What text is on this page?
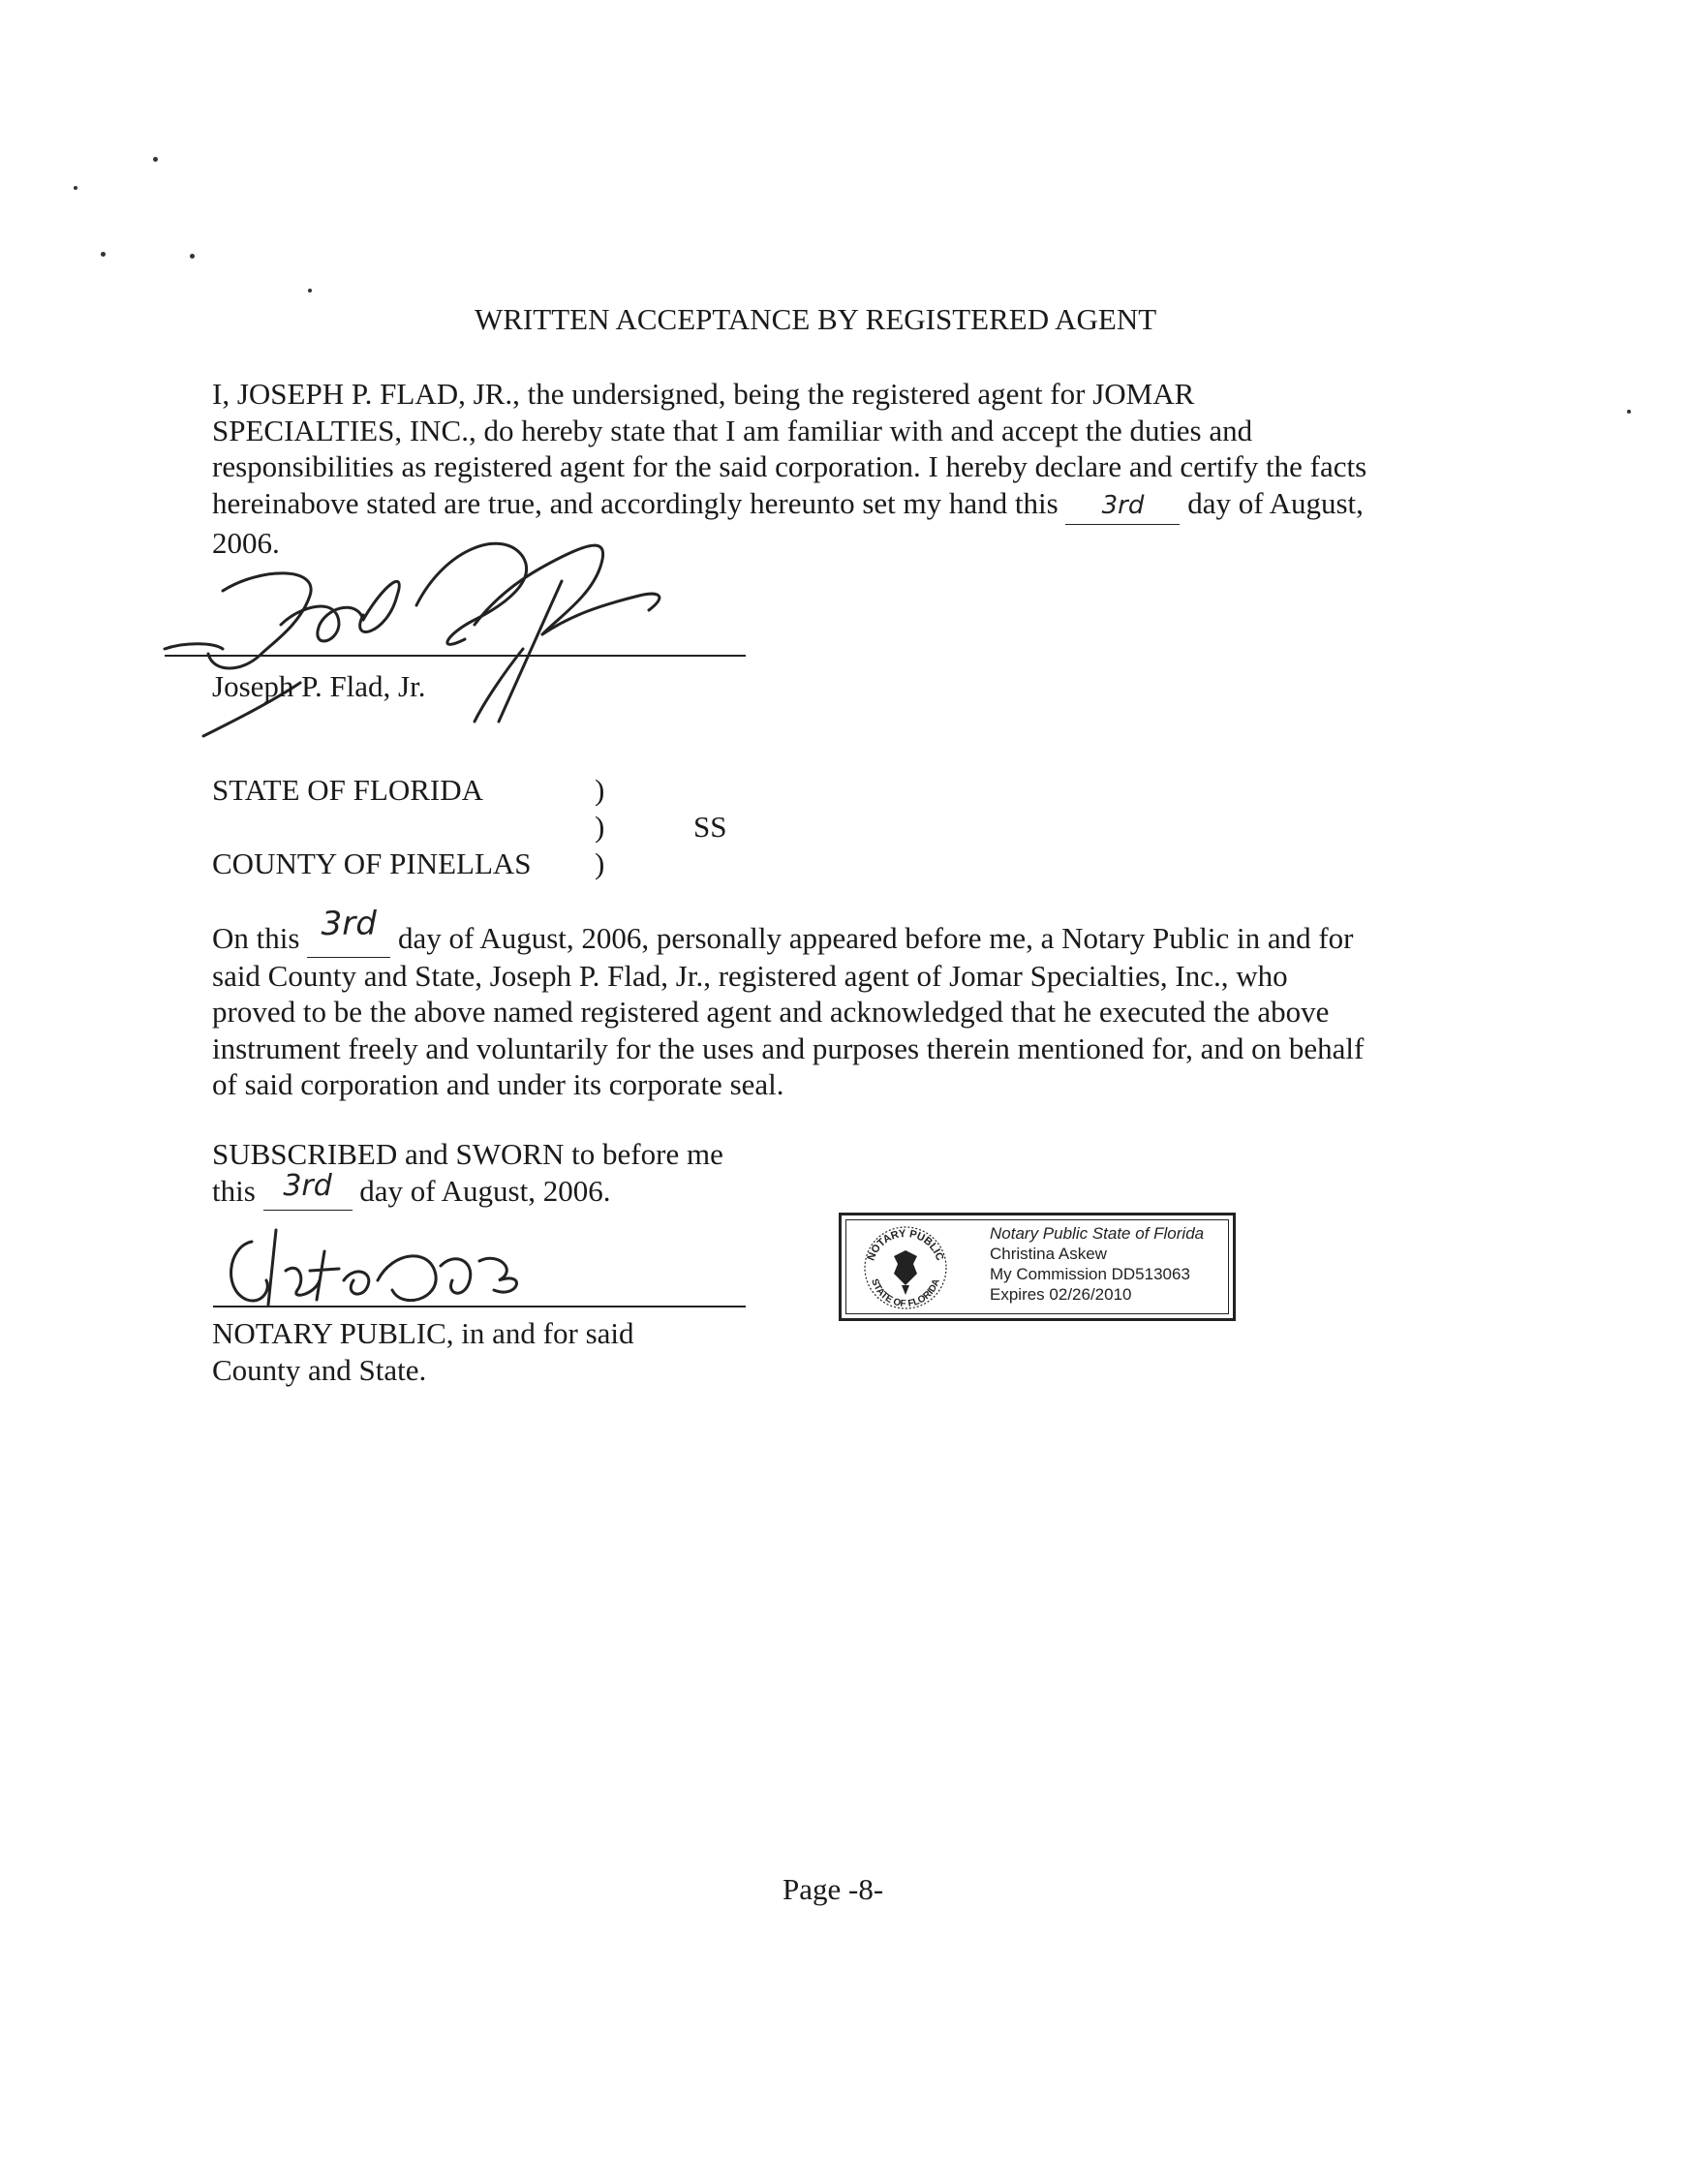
WRITTEN ACCEPTANCE BY REGISTERED AGENT
I, JOSEPH P. FLAD, JR., the undersigned, being the registered agent for JOMAR
SPECIALTIES, INC., do hereby state that I am familiar with and accept the duties and
responsibilities as registered agent for the said corporation. I hereby declare and certify the facts
hereinabove stated are true, and accordingly hereunto set my hand this 3rd day of August,
2006.
Joseph P. Flad, Jr.
STATE OF FLORIDA	)
)	SS
COUNTY OF PINELLAS )
On this 3rd day of August, 2006, personally appeared before me, a Notary Public in and for
said County and State, Joseph P. Flad, Jr., registered agent of Jomar Specialties, Inc., who
proved to be the above named registered agent and acknowledged that he executed the above
instrument freely and voluntarily for the uses and purposes therein mentioned for, and on behalf
of said corporation and under its corporate seal.
SUBSCRIBED and SWORN to before me
this 3rd day of August, 2006.
NOTARY PUBLIC, in and for said
County and State.
NOTARY PUBLIC
STATE OF FLORIDA
Notary Public State of Florida
Christina Askew
My Commission DD513063
Expires 02/26/2010
Page -8-
